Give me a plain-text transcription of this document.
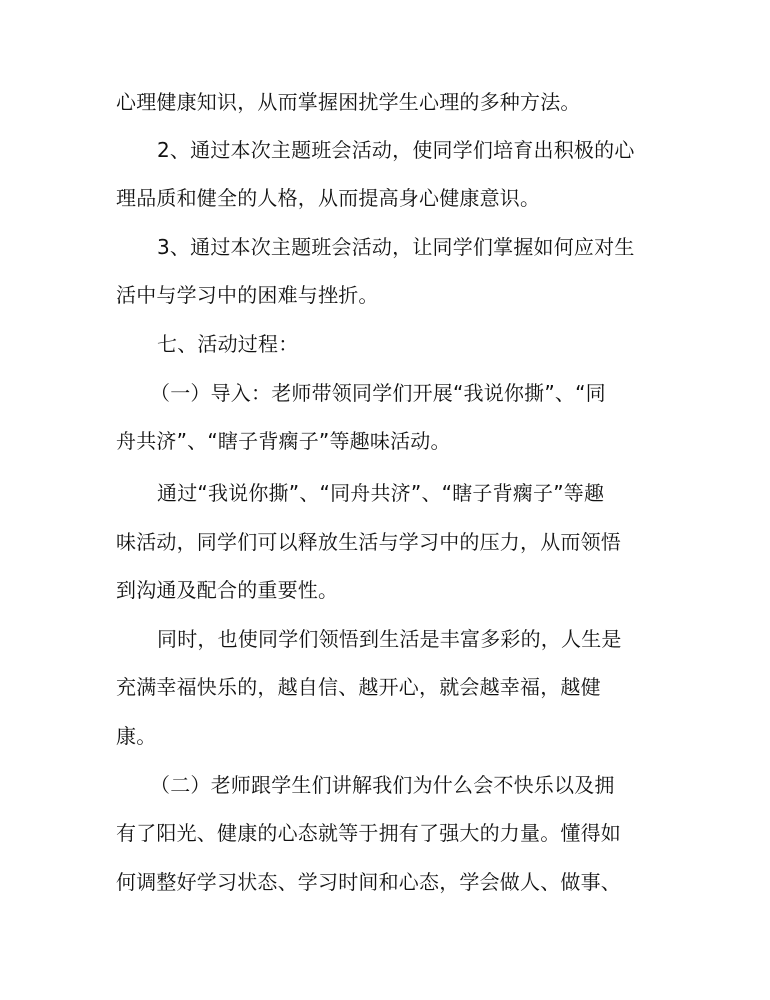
心理健康知识，从而掌握困扰学生心理的多种方法。
2、通过本次主题班会活动，使同学们培育出积极的心
理品质和健全的人格，从而提高身心健康意识。
3、通过本次主题班会活动，让同学们掌握如何应对生
活中与学习中的困难与挫折。
七、活动过程：
（一）导入：老师带领同学们开展“我说你撕”、“同
舟共济”、“瞎子背瘸子”等趣味活动。
通过“我说你撕”、“同舟共济”、“瞎子背瘸子”等趣
味活动，同学们可以释放生活与学习中的压力，从而领悟
到沟通及配合的重要性。
同时，也使同学们领悟到生活是丰富多彩的，人生是
充满幸福快乐的，越自信、越开心，就会越幸福，越健
康。
（二）老师跟学生们讲解我们为什么会不快乐以及拥
有了阳光、健康的心态就等于拥有了强大的力量。懂得如
何调整好学习状态、学习时间和心态，学会做人、做事、
